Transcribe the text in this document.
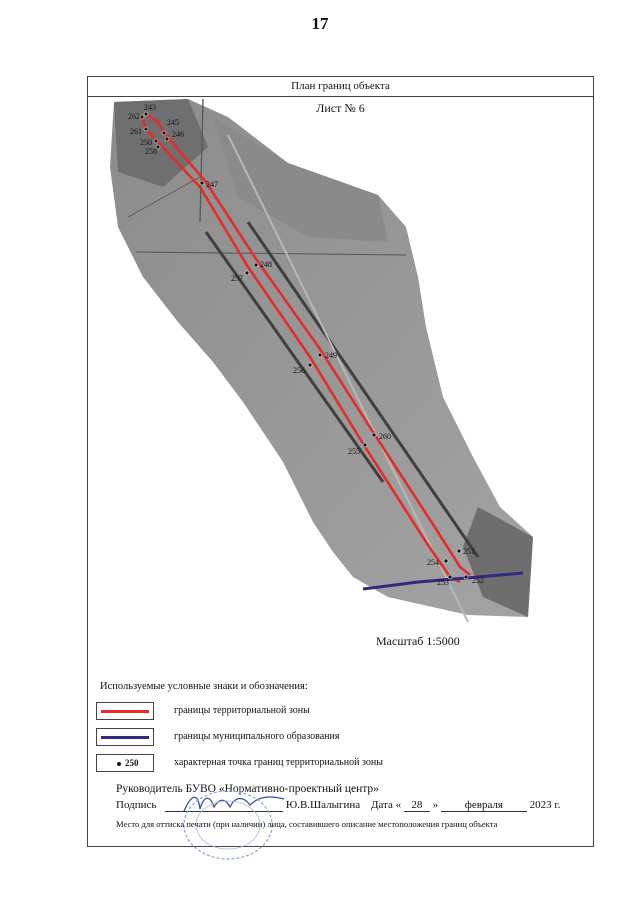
17
План границ объекта
Лист № 6
262
243
245
261	246
250
258
247
257
248
256
249
255
260
253
251
254
252
Масштаб 1:5000
Используемые условные знаки и обозначения:
границы территориальной зоны
границы муниципального образования
250	характерная точка границ территориальной зоны
Руководитель БУВО «Нормативно-проектный центр»
Подпись	Ю.В.Шалыгина Дата « 28 » февраля 2023 г.
Место для оттиска печати (при наличии) лица, составившего описание местоположения границ объекта
